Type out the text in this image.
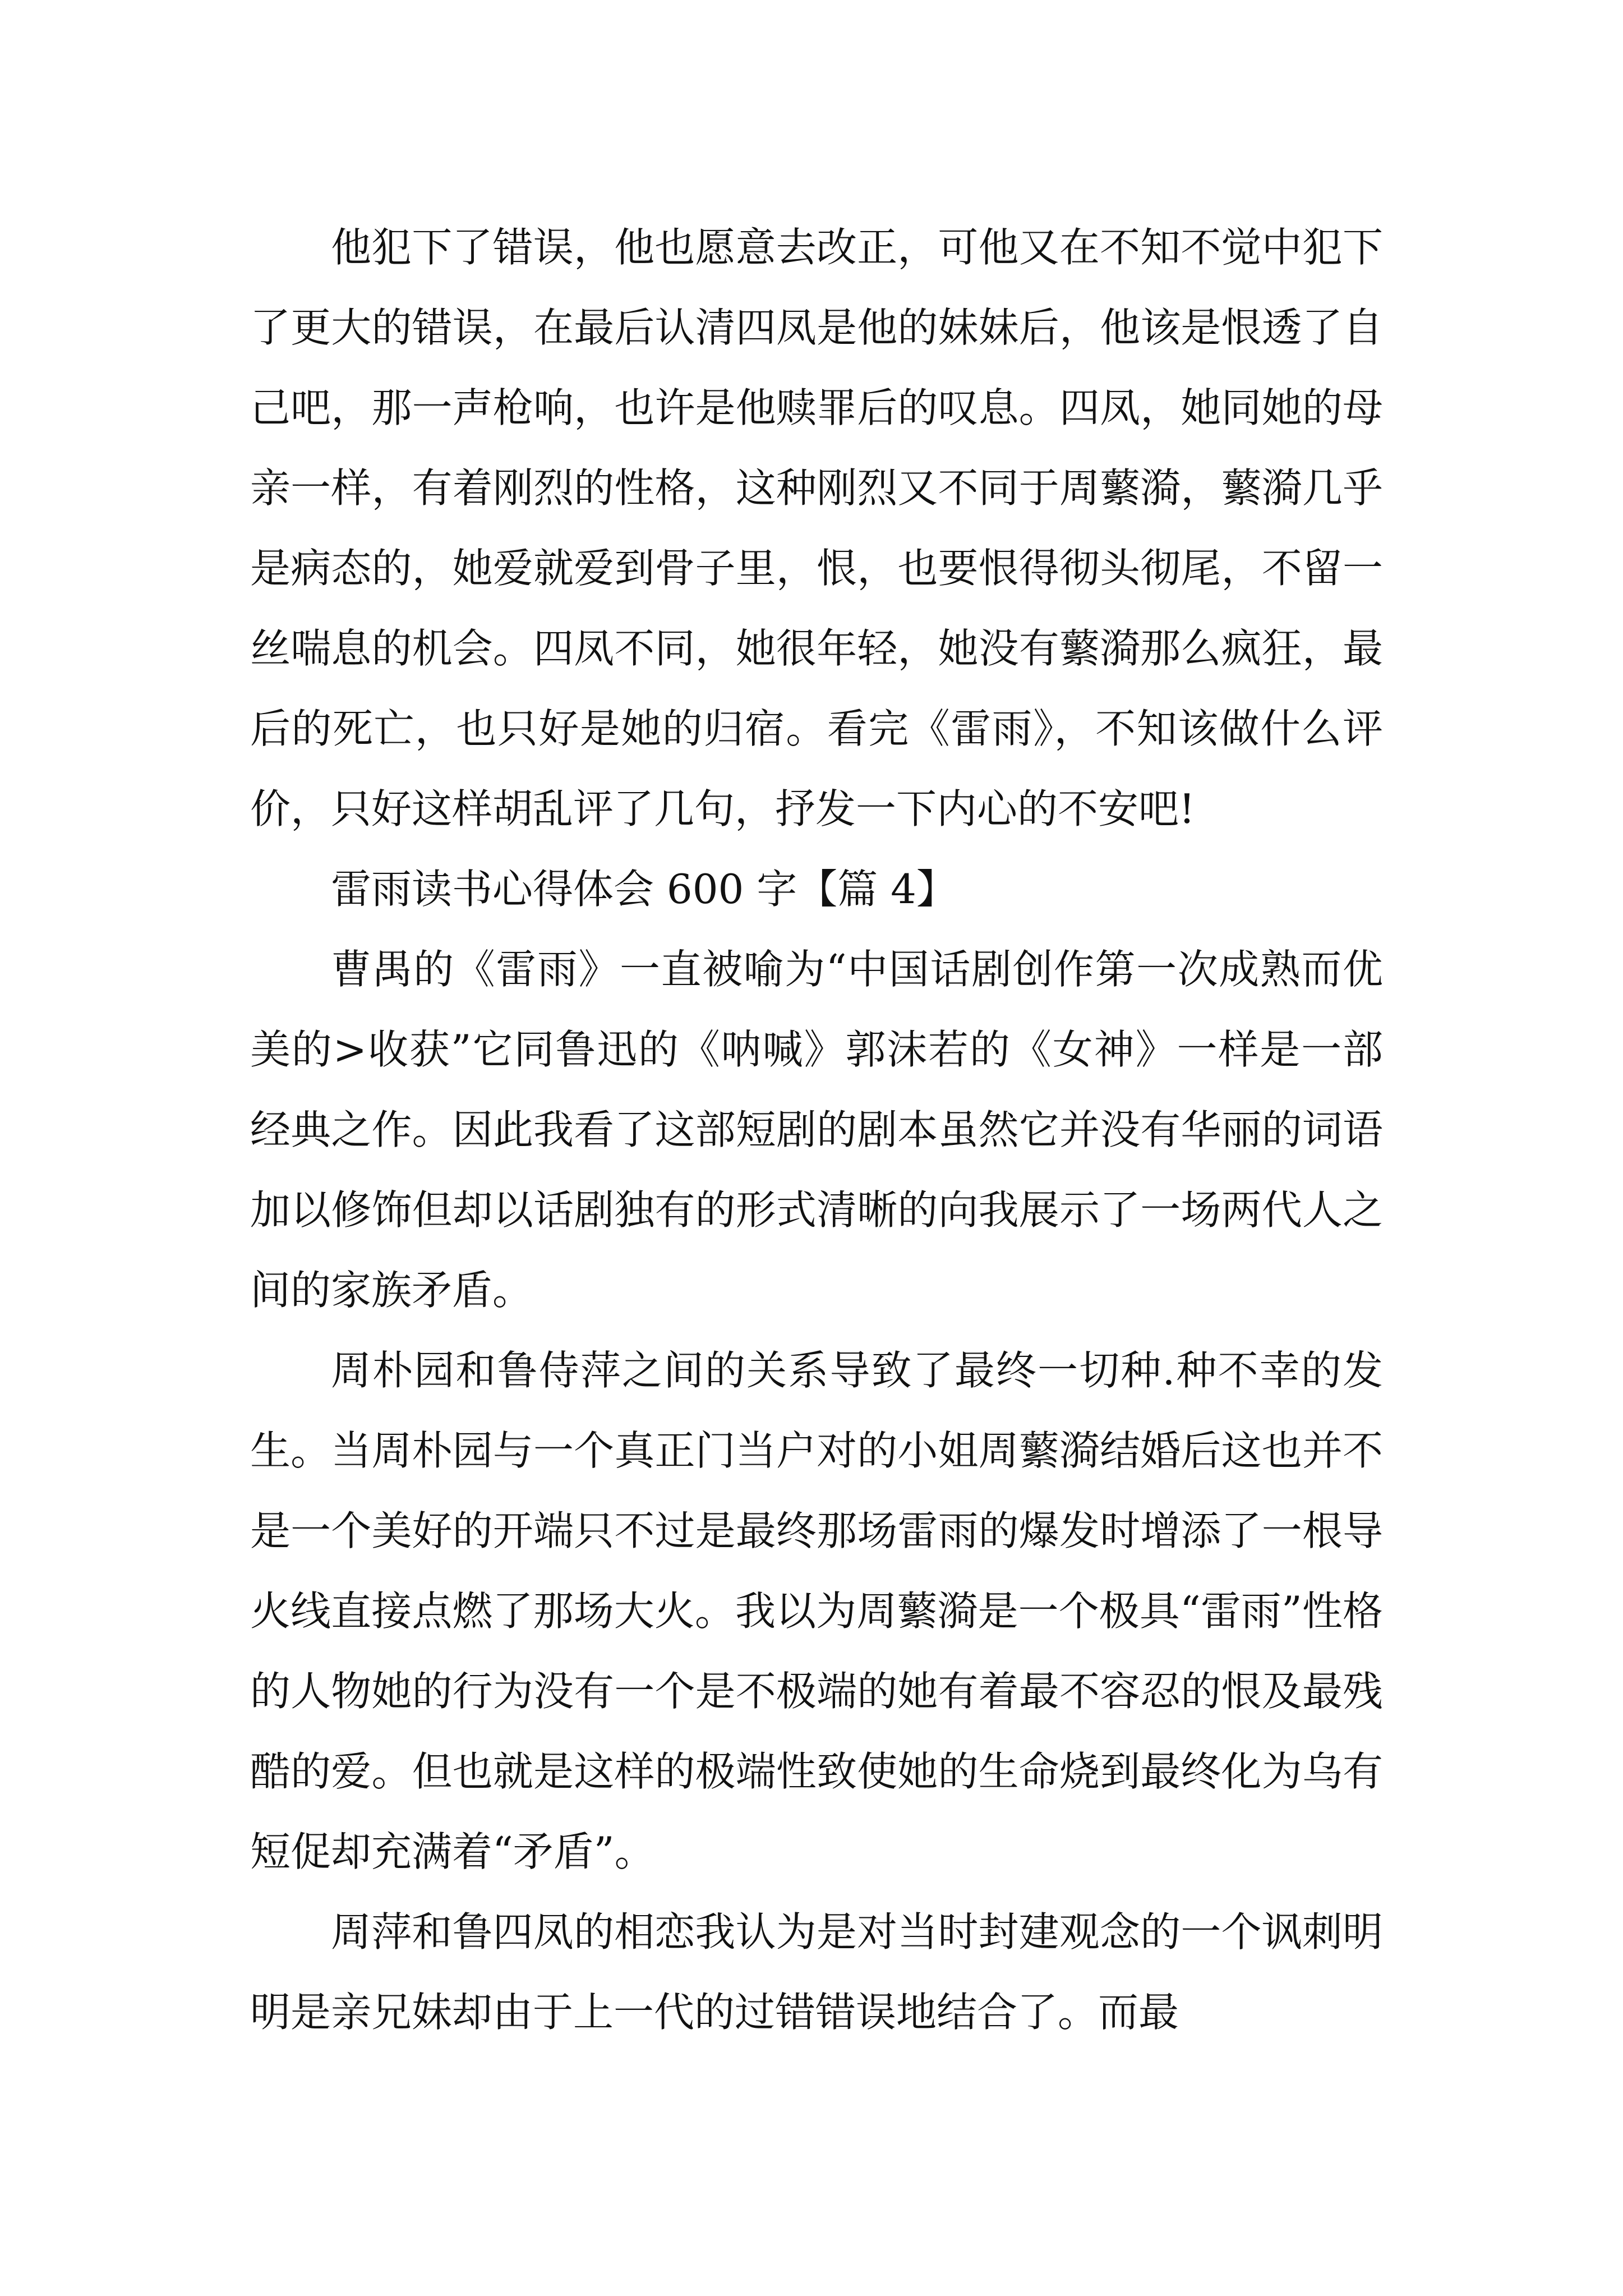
他犯下了错误，他也愿意去改正，可他又在不知不觉中犯下了更大的错误，在最后认清四凤是他的妹妹后，他该是恨透了自己吧，那一声枪响，也许是他赎罪后的叹息。四凤，她同她的母亲一样，有着刚烈的性格，这种刚烈又不同于周蘩漪，蘩漪几乎是病态的，她爱就爱到骨子里，恨，也要恨得彻头彻尾，不留一丝喘息的机会。四凤不同，她很年轻，她没有蘩漪那么疯狂，最后的死亡，也只好是她的归宿。看完《雷雨》，不知该做什么评价，只好这样胡乱评了几句，抒发一下内心的不安吧!

雷雨读书心得体会 600 字【篇 4】

曹禺的《雷雨》一直被喻为“中国话剧创作第一次成熟而优美的>收获”它同鲁迅的《呐喊》郭沫若的《女神》一样是一部经典之作。因此我看了这部短剧的剧本虽然它并没有华丽的词语加以修饰但却以话剧独有的形式清晰的向我展示了一场两代人之间的家族矛盾。

周朴园和鲁侍萍之间的关系导致了最终一切种.种不幸的发生。当周朴园与一个真正门当户对的小姐周蘩漪结婚后这也并不是一个美好的开端只不过是最终那场雷雨的爆发时增添了一根导火线直接点燃了那场大火。我以为周蘩漪是一个极具“雷雨”性格的人物她的行为没有一个是不极端的她有着最不容忍的恨及最残酷的爱。但也就是这样的极端性致使她的生命烧到最终化为乌有短促却充满着“矛盾”。

周萍和鲁四凤的相恋我认为是对当时封建观念的一个讽刺明明是亲兄妹却由于上一代的过错错误地结合了。而最
